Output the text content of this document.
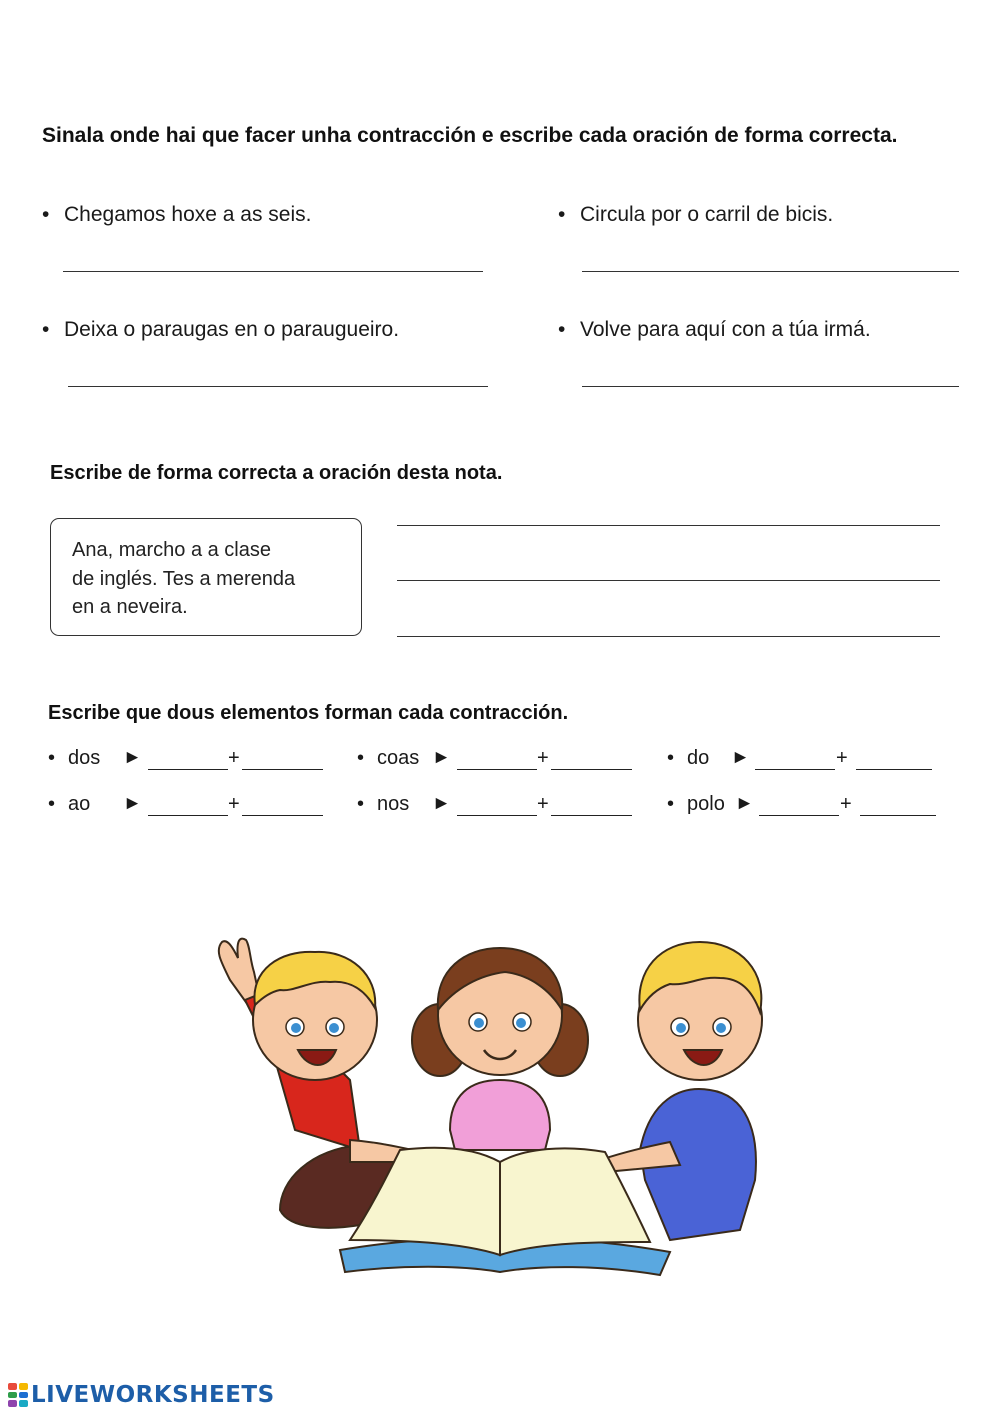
Sinala onde hai que facer unha contracción e escribe cada oración de forma correcta.
• Chegamos hoxe a as seis.	• Circula por o carril de bicis.
• Deixa o paraugas en o paraugueiro.	• Volve para aquí con a túa irmá.
Escribe de forma correcta a oración desta nota.
Ana, marcho a a clase
de inglés. Tes a merenda
en a neveira.
Escribe que dous elementos forman cada contracción.
• dos ►	+	• coas ►	+	• do ►	+
• ao ►	+	• nos ►	+	• polo ►	+
LIVEWORKSHEETS
